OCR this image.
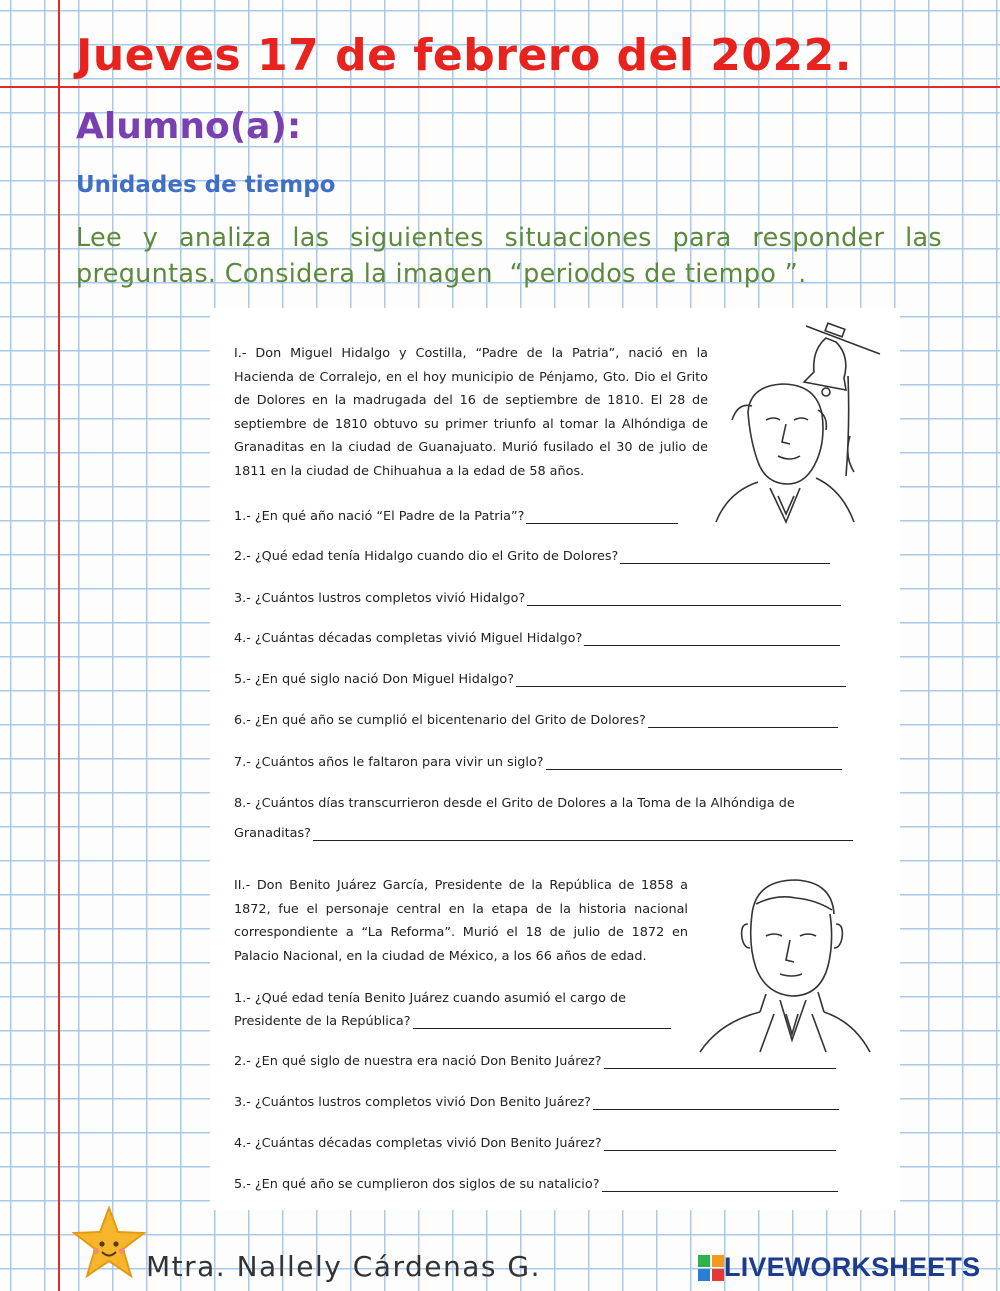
Jueves 17 de febrero del 2022.
Alumno(a):
Unidades de tiempo
Lee y analiza las siguientes situaciones para responder las preguntas. Considera la imagen  “periodos de tiempo ”.
I.- Don Miguel Hidalgo y Costilla, “Padre de la Patria”, nació en la Hacienda de Corralejo, en el hoy municipio de Pénjamo, Gto. Dio el Grito de Dolores en la madrugada del 16 de septiembre de 1810. El 28 de septiembre de 1810 obtuvo su primer triunfo al tomar la Alhóndiga de Granaditas en la ciudad de Guanajuato. Murió fusilado el 30 de julio de 1811 en la ciudad de Chihuahua a la edad de 58 años.
1.- ¿En qué año nació “El Padre de la Patria”?
2.- ¿Qué edad tenía Hidalgo cuando dio el Grito de Dolores?
3.- ¿Cuántos lustros completos vivió Hidalgo?
4.- ¿Cuántas décadas completas vivió Miguel Hidalgo?
5.- ¿En qué siglo nació Don Miguel Hidalgo?
6.- ¿En qué año se cumplió el bicentenario del Grito de Dolores?
7.- ¿Cuántos años le faltaron para vivir un siglo?
8.- ¿Cuántos días transcurrieron desde el Grito de Dolores a la Toma de la Alhóndiga de
Granaditas?
II.- Don Benito Juárez García, Presidente de la República de 1858 a 1872, fue el personaje central en la etapa de la historia nacional correspondiente a “La Reforma”. Murió el 18 de julio de 1872 en Palacio Nacional, en la ciudad de México, a los 66 años de edad.
1.- ¿Qué edad tenía Benito Juárez cuando asumió el cargo de
Presidente de la República?
2.- ¿En qué siglo de nuestra era nació Don Benito Juárez?
3.- ¿Cuántos lustros completos vivió Don Benito Juárez?
4.- ¿Cuántas décadas completas vivió Don Benito Juárez?
5.- ¿En qué año se cumplieron dos siglos de su natalicio?
Mtra. Nallely Cárdenas G.	LIVEWORKSHEETS
